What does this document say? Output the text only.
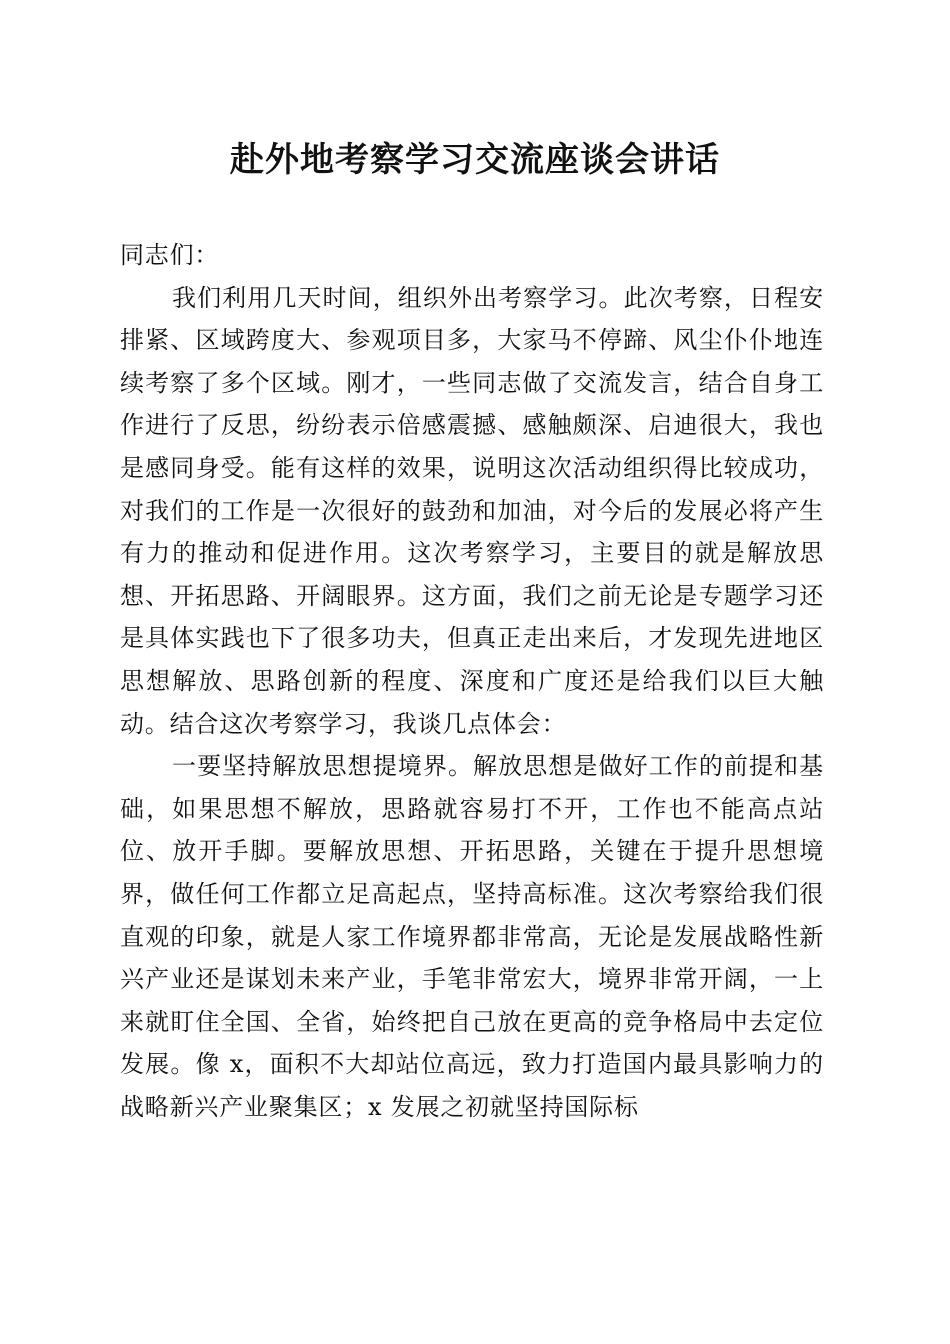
赴外地考察学习交流座谈会讲话

同志们：

我们利用几天时间，组织外出考察学习。此次考察，日程安排紧、区域跨度大、参观项目多，大家马不停蹄、风尘仆仆地连续考察了多个区域。刚才，一些同志做了交流发言，结合自身工作进行了反思，纷纷表示倍感震撼、感触颇深、启迪很大，我也是感同身受。能有这样的效果，说明这次活动组织得比较成功，对我们的工作是一次很好的鼓劲和加油，对今后的发展必将产生有力的推动和促进作用。这次考察学习，主要目的就是解放思想、开拓思路、开阔眼界。这方面，我们之前无论是专题学习还是具体实践也下了很多功夫，但真正走出来后，才发现先进地区思想解放、思路创新的程度、深度和广度还是给我们以巨大触动。结合这次考察学习，我谈几点体会：

一要坚持解放思想提境界。解放思想是做好工作的前提和基础，如果思想不解放，思路就容易打不开，工作也不能高点站位、放开手脚。要解放思想、开拓思路，关键在于提升思想境界，做任何工作都立足高起点，坚持高标准。这次考察给我们很直观的印象，就是人家工作境界都非常高，无论是发展战略性新兴产业还是谋划未来产业，手笔非常宏大，境界非常开阔，一上来就盯住全国、全省，始终把自己放在更高的竞争格局中去定位发展。像 x，面积不大却站位高远，致力打造国内最具影响力的战略新兴产业聚集区；x 发展之初就坚持国际标
